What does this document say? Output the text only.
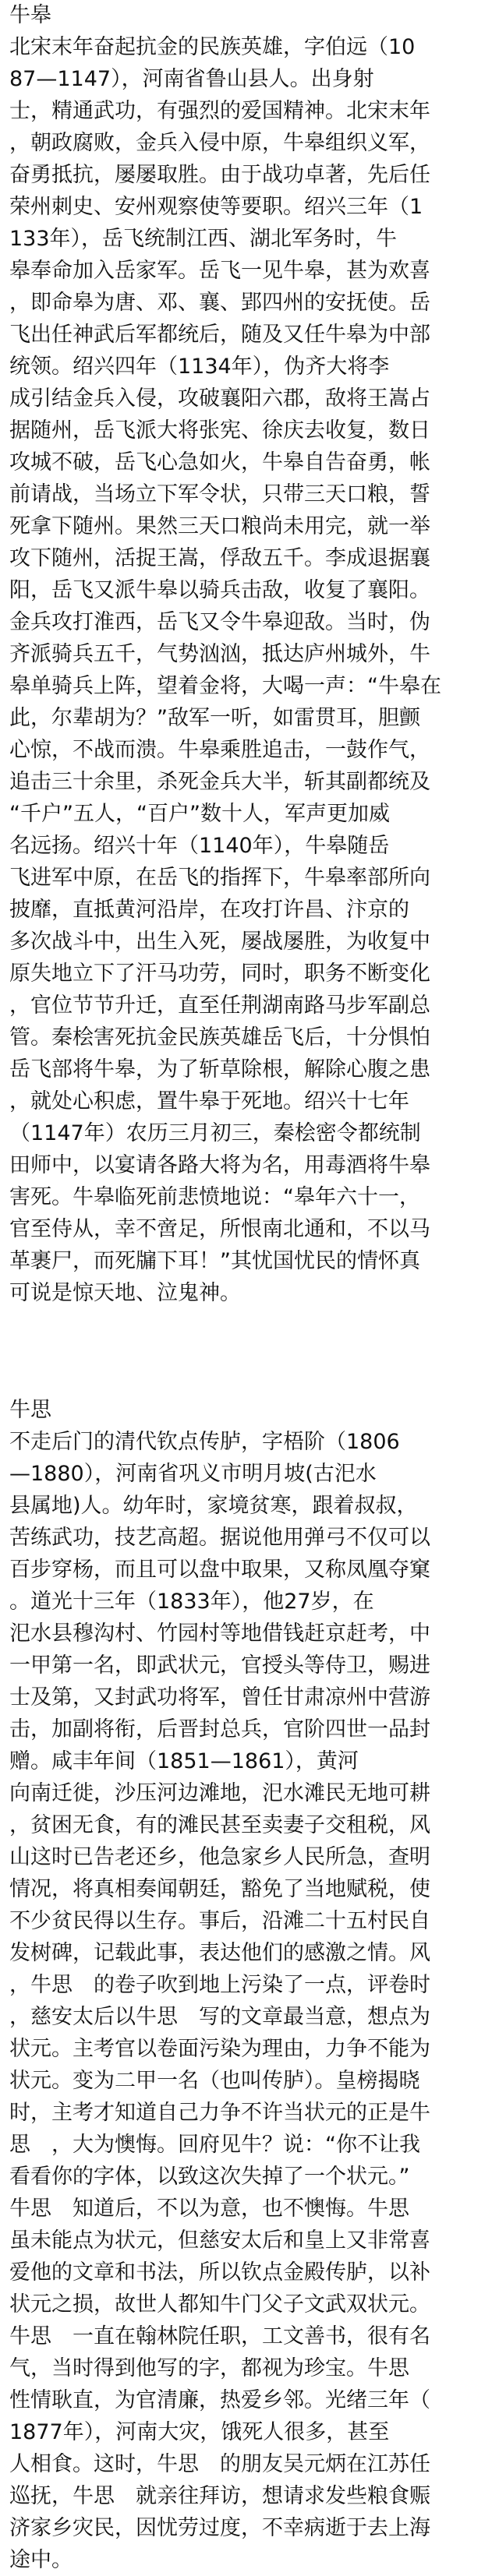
牛皋
北宋末年奋起抗金的民族英雄，字伯远（10
87—1147），河南省鲁山县人。出身射
士，精通武功，有强烈的爱国精神。北宋末年
，朝政腐败，金兵入侵中原，牛皋组织义军，
奋勇抵抗，屡屡取胜。由于战功卓著，先后任
荣州刺史、安州观察使等要职。绍兴三年（1
133年），岳飞统制江西、湖北军务时，牛
皋奉命加入岳家军。岳飞一见牛皋，甚为欢喜
，即命皋为唐、邓、襄、郢四州的安抚使。岳
飞出任神武后军都统后，随及又任牛皋为中部
统领。绍兴四年（1134年），伪齐大将李
成引结金兵入侵，攻破襄阳六郡，敌将王嵩占
据随州，岳飞派大将张宪、徐庆去收复，数日
攻城不破，岳飞心急如火，牛皋自告奋勇，帐
前请战，当场立下军令状，只带三天口粮，誓
死拿下随州。果然三天口粮尚未用完，就一举
攻下随州，活捉王嵩，俘敌五千。李成退据襄
阳，岳飞又派牛皋以骑兵击敌，收复了襄阳。
金兵攻打淮西，岳飞又令牛皋迎敌。当时，伪
齐派骑兵五千，气势汹汹，抵达庐州城外，牛
皋单骑兵上阵，望着金将，大喝一声：“牛皋在
此，尔辈胡为？”敌军一听，如雷贯耳，胆颤
心惊，不战而溃。牛皋乘胜追击，一鼓作气，
追击三十余里，杀死金兵大半，斩其副都统及
“千户”五人，“百户”数十人，军声更加威
名远扬。绍兴十年（1140年），牛皋随岳
飞进军中原，在岳飞的指挥下，牛皋率部所向
披靡，直抵黄河沿岸，在攻打许昌、汴京的
多次战斗中，出生入死，屡战屡胜，为收复中
原失地立下了汗马功劳，同时，职务不断变化
，官位节节升迁，直至任荆湖南路马步军副总
管。秦桧害死抗金民族英雄岳飞后，十分惧怕
岳飞部将牛皋，为了斩草除根，解除心腹之患
，就处心积虑，置牛皋于死地。绍兴十七年
（1147年）农历三月初三，秦桧密令都统制
田师中，以宴请各路大将为名，用毒酒将牛皋
害死。牛皋临死前悲愤地说：“皋年六十一，
官至侍从，幸不啻足，所恨南北通和，不以马
革裹尸，而死牖下耳！”其忧国忧民的情怀真
可说是惊天地、泣鬼神。
牛思
不走后门的清代钦点传胪，字梧阶（1806
—1880），河南省巩义市明月坡(古汜水
县属地)人。幼年时，家境贫寒，跟着叔叔，
苦练武功，技艺高超。据说他用弹弓不仅可以
百步穿杨，而且可以盘中取果，又称凤凰夺窠
。道光十三年（1833年），他27岁，在
汜水县穆沟村、竹园村等地借钱赶京赶考，中
一甲第一名，即武状元，官授头等侍卫，赐进
士及第，又封武功将军，曾任甘肃凉州中营游
击，加副将衔，后晋封总兵，官阶四世一品封
赠。咸丰年间（1851—1861），黄河
向南迁徙，沙压河边滩地，汜水滩民无地可耕
，贫困无食，有的滩民甚至卖妻子交租税，风
山这时已告老还乡，他急家乡人民所急，查明
情况，将真相奏闻朝廷，豁免了当地赋税，使
不少贫民得以生存。事后，沿滩二十五村民自
发树碑，记载此事，表达他们的感激之情。风
，牛思　的卷子吹到地上污染了一点，评卷时
，慈安太后以牛思　写的文章最当意，想点为
状元。主考官以卷面污染为理由，力争不能为
状元。变为二甲一名（也叫传胪）。皇榜揭晓
时，主考才知道自己力争不许当状元的正是牛
思　，大为懊悔。回府见牛？说：“你不让我
看看你的字体，以致这次失掉了一个状元。”
牛思　知道后，不以为意，也不懊悔。牛思
虽未能点为状元，但慈安太后和皇上又非常喜
爱他的文章和书法，所以钦点金殿传胪，以补
状元之损，故世人都知牛门父子文武双状元。
牛思　一直在翰林院任职，工文善书，很有名
气，当时得到他写的字，都视为珍宝。牛思
性情耿直，为官清廉，热爱乡邻。光绪三年（
1877年），河南大灾，饿死人很多，甚至
人相食。这时，牛思　的朋友吴元炳在江苏任
巡抚，牛思　就亲往拜访，想请求发些粮食赈
济家乡灾民，因忧劳过度，不幸病逝于去上海
途中。
